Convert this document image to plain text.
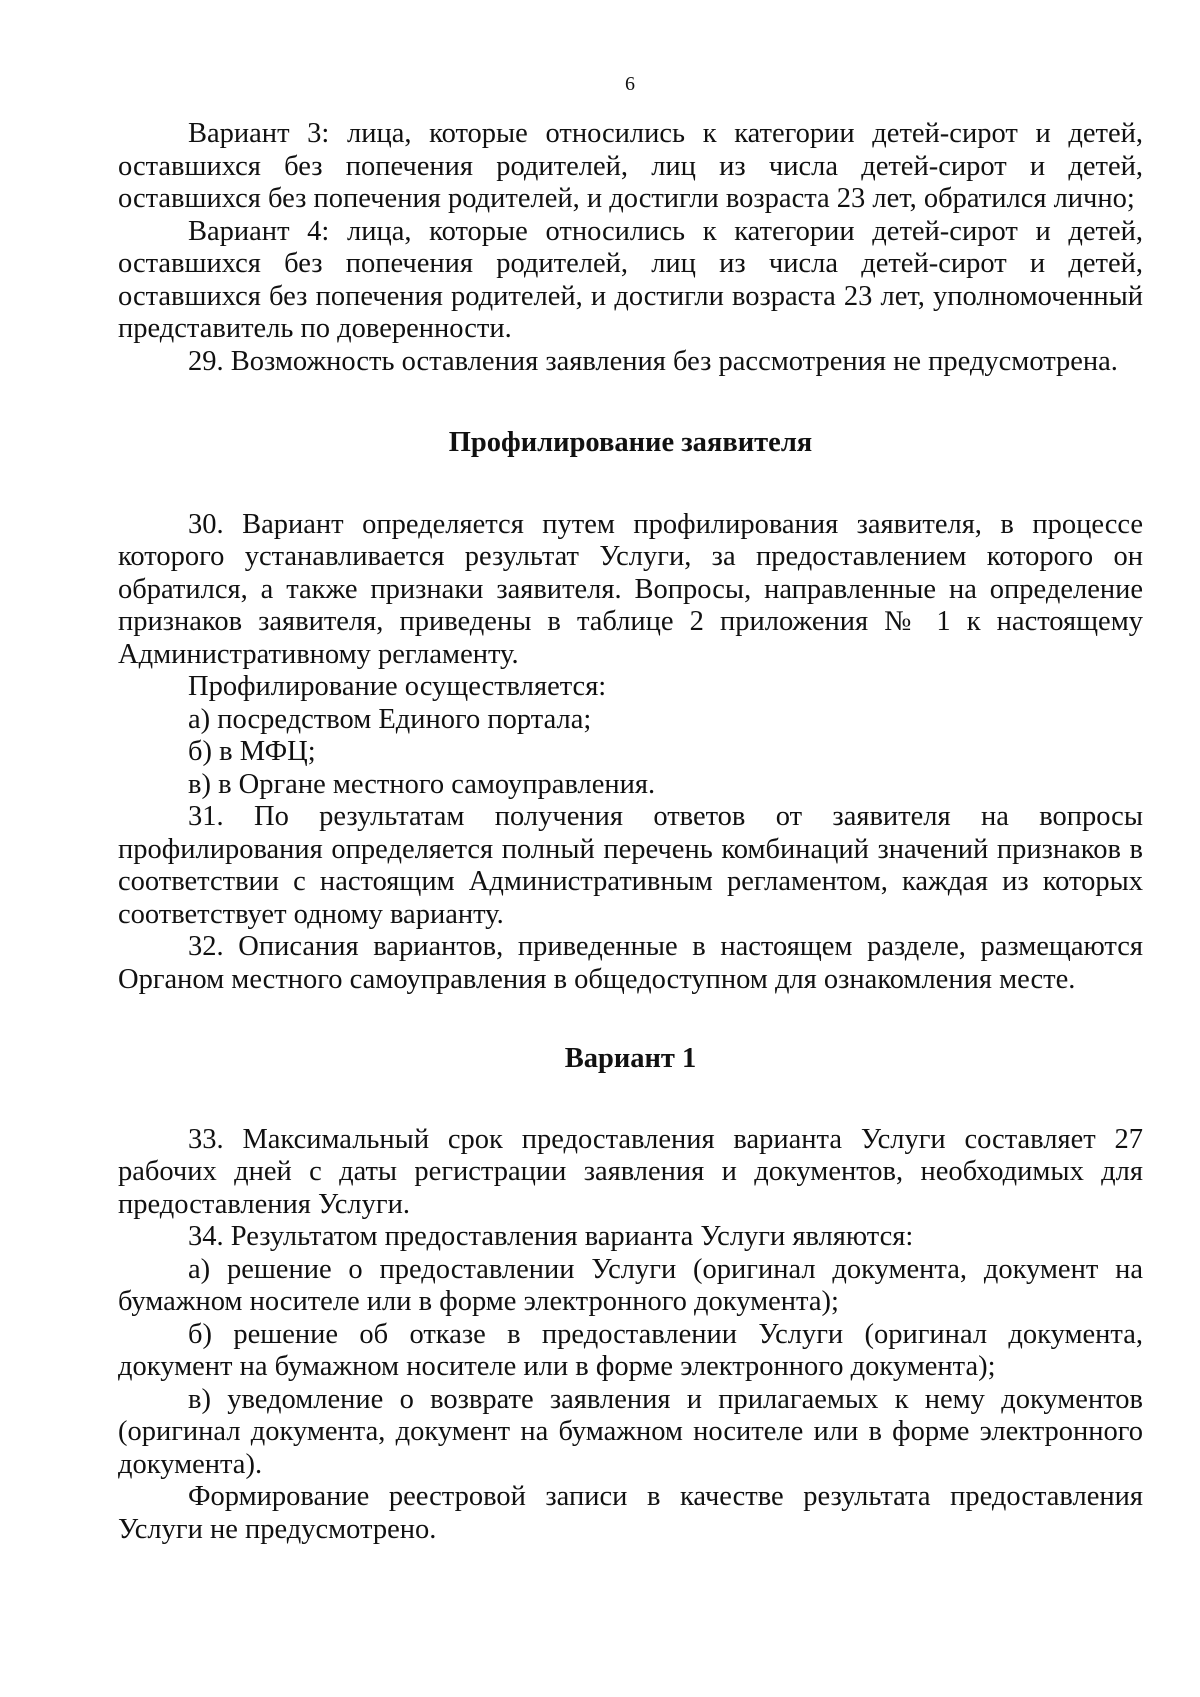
6

Вариант 3: лица, которые относились к категории детей-сирот и детей, оставшихся без попечения родителей, лиц из числа детей-сирот и детей, оставшихся без попечения родителей, и достигли возраста 23 лет, обратился лично;

Вариант 4: лица, которые относились к категории детей-сирот и детей, оставшихся без попечения родителей, лиц из числа детей-сирот и детей, оставшихся без попечения родителей, и достигли возраста 23 лет, уполномоченный представитель по доверенности.

29. Возможность оставления заявления без рассмотрения не предусмотрена.

Профилирование заявителя

30. Вариант определяется путем профилирования заявителя, в процессе которого устанавливается результат Услуги, за предоставлением которого он обратился, а также признаки заявителя. Вопросы, направленные на определение признаков заявителя, приведены в таблице 2 приложения № 1 к настоящему Административному регламенту.

Профилирование осуществляется:

а) посредством Единого портала;

б) в МФЦ;

в) в Органе местного самоуправления.

31. По результатам получения ответов от заявителя на вопросы профилирования определяется полный перечень комбинаций значений признаков в соответствии с настоящим Административным регламентом, каждая из которых соответствует одному варианту.

32. Описания вариантов, приведенные в настоящем разделе, размещаются Органом местного самоуправления в общедоступном для ознакомления месте.

Вариант 1

33. Максимальный срок предоставления варианта Услуги составляет 27 рабочих дней с даты регистрации заявления и документов, необходимых для предоставления Услуги.

34. Результатом предоставления варианта Услуги являются:

а) решение о предоставлении Услуги (оригинал документа, документ на бумажном носителе или в форме электронного документа);

б) решение об отказе в предоставлении Услуги (оригинал документа, документ на бумажном носителе или в форме электронного документа);

в) уведомление о возврате заявления и прилагаемых к нему документов (оригинал документа, документ на бумажном носителе или в форме электронного документа).

Формирование реестровой записи в качестве результата предоставления Услуги не предусмотрено.
